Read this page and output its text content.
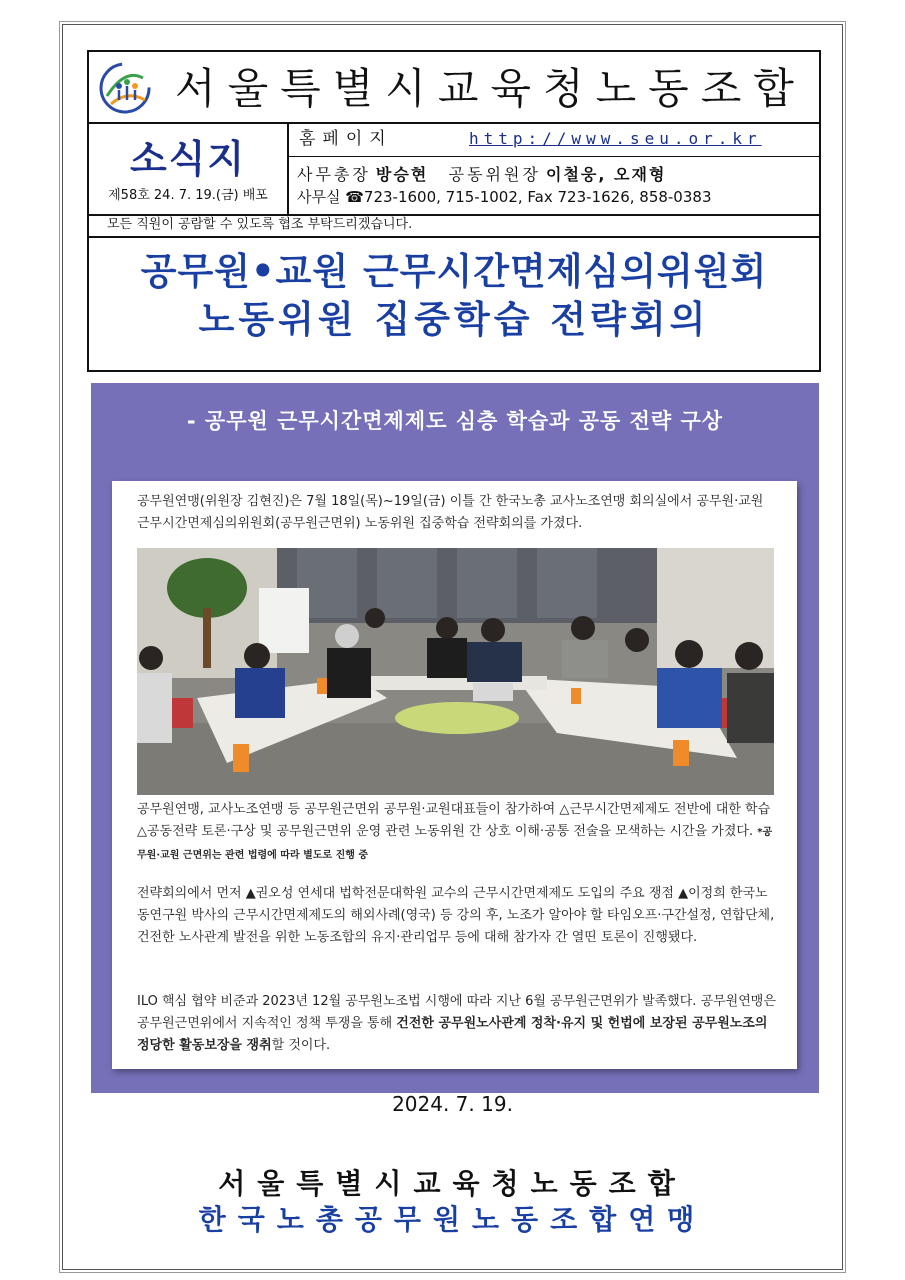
서울특별시교육청노동조합
소식지
제58호 24. 7. 19.(금) 배포
홈페이지	http://www.seu.or.kr
사무총장 방승현 공동위원장 이철웅, 오재형
사무실 ☎723-1600, 715-1002, Fax 723-1626, 858-0383
모든 직원이 공람할 수 있도록 협조 부탁드리겠습니다.
공무원•교원 근무시간면제심의위원회
노동위원 집중학습 전략회의
- 공무원 근무시간면제제도 심층 학습과 공동 전략 구상
공무원연맹(위원장 김현진)은 7월 18일(목)~19일(금) 이틀 간 한국노총 교사노조연맹 회의실에서 공무원·교원 근무시간면제심의위원회(공무원근면위) 노동위원 집중학습 전략회의를 가졌다.
공무원연맹, 교사노조연맹 등 공무원근면위 공무원·교원대표들이 참가하여 △근무시간면제제도 전반에 대한 학습 △공동전략 토론·구상 및 공무원근면위 운영 관련 노동위원 간 상호 이해·공통 전술을 모색하는 시간을 가졌다. *공무원·교원 근면위는 관련 법령에 따라 별도로 진행 중
전략회의에서 먼저 ▲권오성 연세대 법학전문대학원 교수의 근무시간면제제도 도입의 주요 쟁점 ▲이정희 한국노동연구원 박사의 근무시간면제제도의 해외사례(영국) 등 강의 후, 노조가 알아야 할 타임오프·구간설정, 연합단체, 건전한 노사관계 발전을 위한 노동조합의 유지·관리업무 등에 대해 참가자 간 열띤 토론이 진행됐다.
ILO 핵심 협약 비준과 2023년 12월 공무원노조법 시행에 따라 지난 6월 공무원근면위가 발족했다. 공무원연맹은 공무원근면위에서 지속적인 정책 투쟁을 통해 건전한 공무원노사관계 정착·유지 및 헌법에 보장된 공무원노조의 정당한 활동보장을 쟁취할 것이다.
2024. 7. 19.
서울특별시교육청노동조합
한국노총공무원노동조합연맹
